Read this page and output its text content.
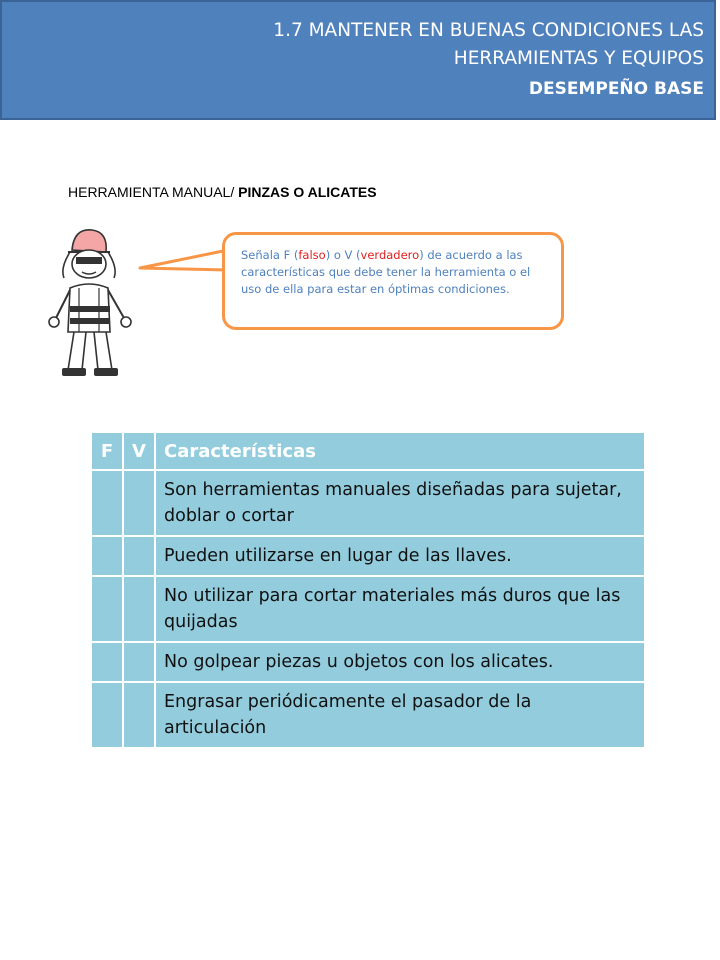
1.7 MANTENER EN BUENAS CONDICIONES LAS
HERRAMIENTAS Y EQUIPOS
DESEMPEÑO BASE
HERRAMIENTA MANUAL/ PINZAS O ALICATES
Señala F (falso) o V (verdadero) de acuerdo a las características que debe tener la herramienta o el uso de ella para estar en óptimas condiciones.
F	V	Características
		Son herramientas manuales diseñadas para sujetar, doblar o cortar
		Pueden utilizarse en lugar de las llaves.
		No utilizar para cortar materiales más duros que las quijadas
		No golpear piezas u objetos con los alicates.
		Engrasar periódicamente el pasador de la articulación
